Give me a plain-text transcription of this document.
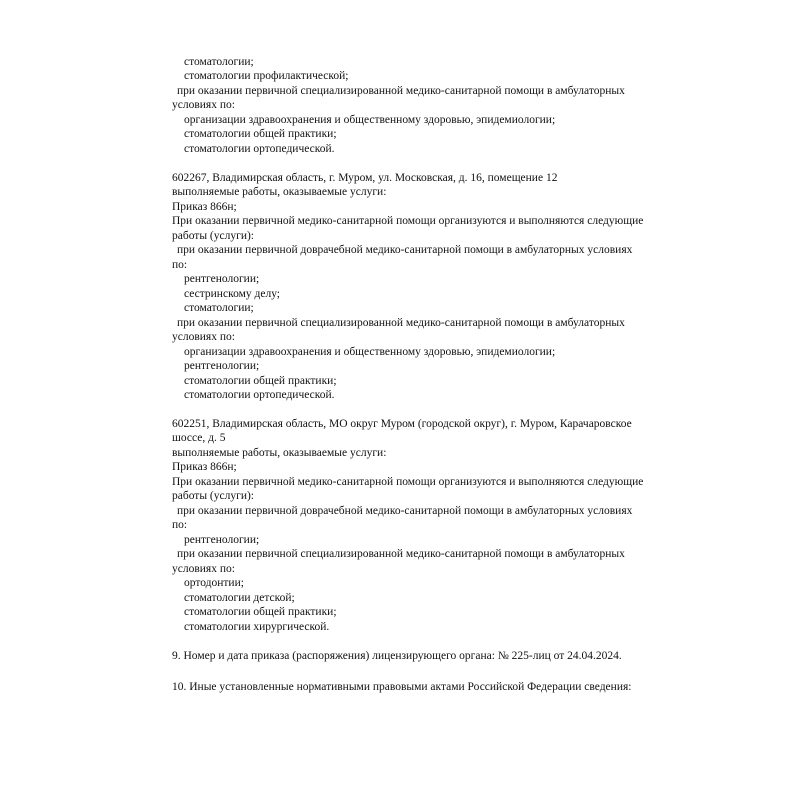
стоматологии;

стоматологии профилактической;

при оказании первичной специализированной медико-санитарной помощи в амбулаторных

условиях по:

организации здравоохранения и общественному здоровью, эпидемиологии;

стоматологии общей практики;

стоматологии ортопедической.

602267, Владимирская область, г. Муром, ул. Московская, д. 16, помещение 12

выполняемые работы, оказываемые услуги:

Приказ 866н;

При оказании первичной медико-санитарной помощи организуются и выполняются следующие

работы (услуги):

при оказании первичной доврачебной медико-санитарной помощи в амбулаторных условиях

по:

рентгенологии;

сестринскому делу;

стоматологии;

при оказании первичной специализированной медико-санитарной помощи в амбулаторных

условиях по:

организации здравоохранения и общественному здоровью, эпидемиологии;

рентгенологии;

стоматологии общей практики;

стоматологии ортопедической.

602251, Владимирская область, МО округ Муром (городской округ), г. Муром, Карачаровское

шоссе, д. 5

выполняемые работы, оказываемые услуги:

Приказ 866н;

При оказании первичной медико-санитарной помощи организуются и выполняются следующие

работы (услуги):

при оказании первичной доврачебной медико-санитарной помощи в амбулаторных условиях

по:

рентгенологии;

при оказании первичной специализированной медико-санитарной помощи в амбулаторных

условиях по:

ортодонтии;

стоматологии детской;

стоматологии общей практики;

стоматологии хирургической.

9. Номер и дата приказа (распоряжения) лицензирующего органа: № 225-лиц от 24.04.2024.

10. Иные установленные нормативными правовыми актами Российской Федерации сведения:
